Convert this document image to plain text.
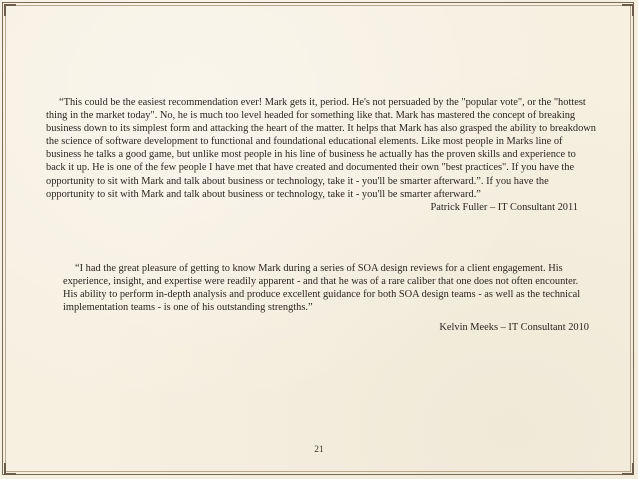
“This could be the easiest recommendation ever! Mark gets it, period. He's not persuaded by the "popular vote", or the "hottest thing in the market today". No, he is much too level headed for something like that. Mark has mastered the concept of breaking business down to its simplest form and attacking the heart of the matter. It helps that Mark has also grasped the ability to breakdown the science of software development to functional and foundational educational elements. Like most people in Marks line of business he talks a good game, but unlike most people in his line of business he actually has the proven skills and experience to back it up. He is one of the few people I have met that have created and documented their own "best practices". If you have the opportunity to sit with Mark and talk about business or technology, take it - you'll be smarter afterward.”. If you have the opportunity to sit with Mark and talk about business or technology, take it - you'll be smarter afterward.”

Patrick Fuller – IT Consultant 2011

“I had the great pleasure of getting to know Mark during a series of SOA design reviews for a client engagement. His experience, insight, and expertise were readily apparent - and that he was of a rare caliber that one does not often encounter. His ability to perform in-depth analysis and produce excellent guidance for both SOA design teams - as well as the technical implementation teams - is one of his outstanding strengths.”

Kelvin Meeks – IT Consultant 2010

21
